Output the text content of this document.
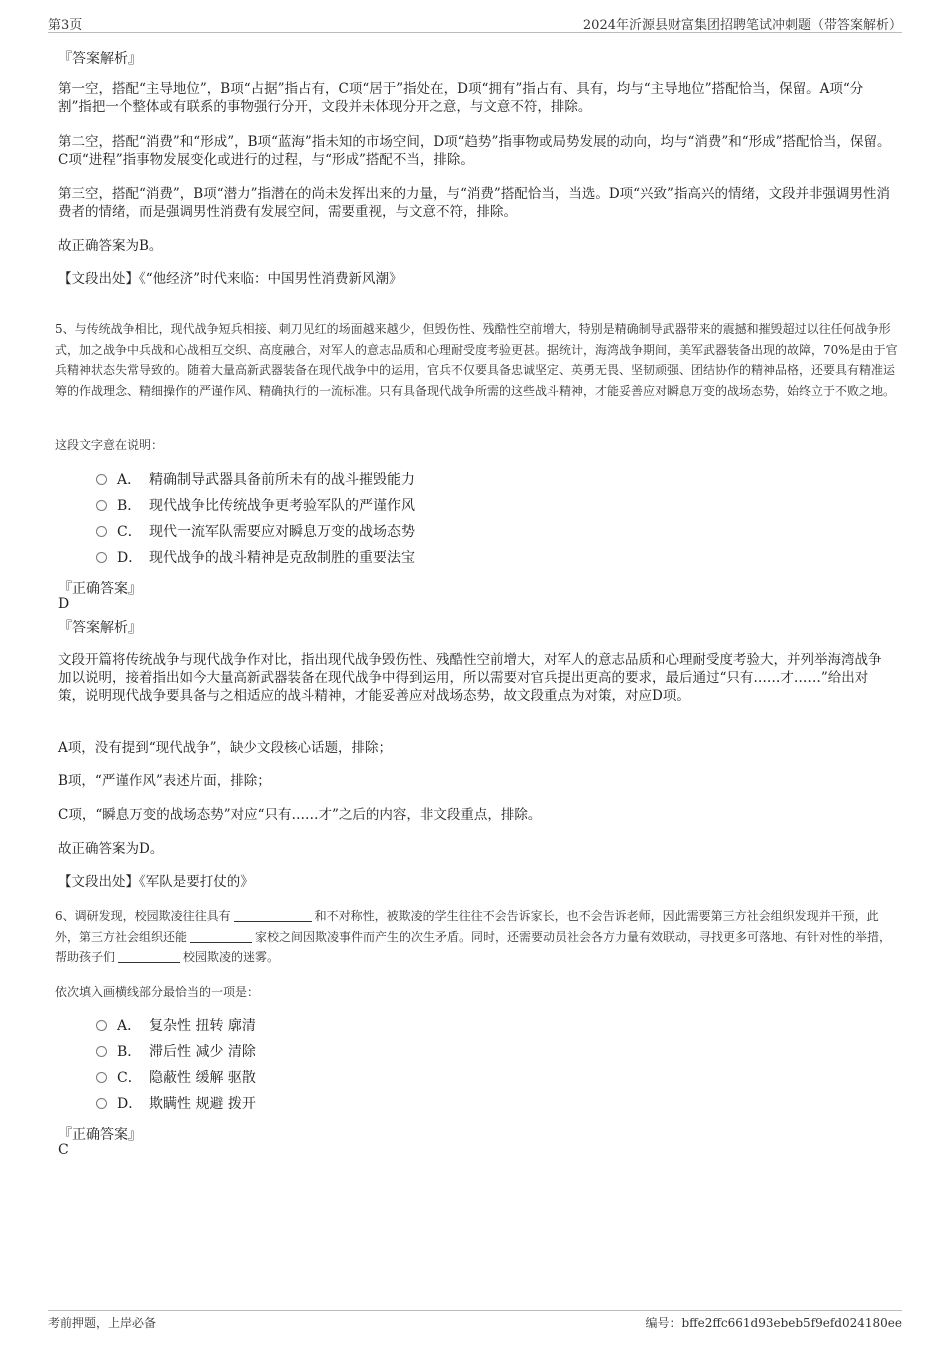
第3页	2024年沂源县财富集团招聘笔试冲刺题（带答案解析）

『答案解析』

第一空，搭配“主导地位”，B项“占据”指占有，C项“居于”指处在，D项“拥有”指占有、具有，均与“主导地位”搭配恰当，保留。A项“分割”指把一个整体或有联系的事物强行分开，文段并未体现分开之意，与文意不符，排除。

第二空，搭配“消费”和“形成”，B项“蓝海”指未知的市场空间，D项“趋势”指事物或局势发展的动向，均与“消费”和“形成”搭配恰当，保留。C项“进程”指事物发展变化或进行的过程，与“形成”搭配不当，排除。

第三空，搭配“消费”，B项“潜力”指潜在的尚未发挥出来的力量，与“消费”搭配恰当，当选。D项“兴致”指高兴的情绪，文段并非强调男性消费者的情绪，而是强调男性消费有发展空间，需要重视，与文意不符，排除。

故正确答案为B。

【文段出处】《“他经济”时代来临：中国男性消费新风潮》

5、与传统战争相比，现代战争短兵相接、刺刀见红的场面越来越少，但毁伤性、残酷性空前增大，特别是精确制导武器带来的震撼和摧毁超过以往任何战争形式，加之战争中兵战和心战相互交织、高度融合，对军人的意志品质和心理耐受度考验更甚。据统计，海湾战争期间，美军武器装备出现的故障，70%是由于官兵精神状态失常导致的。随着大量高新武器装备在现代战争中的运用，官兵不仅要具备忠诚坚定、英勇无畏、坚韧顽强、团结协作的精神品格，还要具有精准运筹的作战理念、精细操作的严谨作风、精确执行的一流标准。只有具备现代战争所需的这些战斗精神，才能妥善应对瞬息万变的战场态势，始终立于不败之地。

这段文字意在说明：

A． 精确制导武器具备前所未有的战斗摧毁能力
B． 现代战争比传统战争更考验军队的严谨作风
C． 现代一流军队需要应对瞬息万变的战场态势
D． 现代战争的战斗精神是克敌制胜的重要法宝

『正确答案』

D

『答案解析』

文段开篇将传统战争与现代战争作对比，指出现代战争毁伤性、残酷性空前增大，对军人的意志品质和心理耐受度考验大，并列举海湾战争加以说明，接着指出如今大量高新武器装备在现代战争中得到运用，所以需要对官兵提出更高的要求，最后通过“只有……才……”给出对策，说明现代战争要具备与之相适应的战斗精神，才能妥善应对战场态势，故文段重点为对策，对应D项。

A项，没有提到“现代战争”，缺少文段核心话题，排除；

B项，“严谨作风”表述片面，排除；

C项，“瞬息万变的战场态势”对应“只有……才”之后的内容，非文段重点，排除。

故正确答案为D。

【文段出处】《军队是要打仗的》

6、调研发现，校园欺凌往往具有	和不对称性，被欺凌的学生往往不会告诉家长，也不会告诉老师，因此需要第三方社会组织发现并干预，此外，第三方社会组织还能	家校之间因欺凌事件而产生的次生矛盾。同时，还需要动员社会各方力量有效联动，寻找更多可落地、有针对性的举措，帮助孩子们	校园欺凌的迷雾。

依次填入画横线部分最恰当的一项是：

A． 复杂性 扭转 廓清
B． 滞后性 减少 清除
C． 隐蔽性 缓解 驱散
D． 欺瞒性 规避 拨开

『正确答案』

C
考前押题，上岸必备	编号：bffe2ffc661d93ebeb5f9efd024180ee
